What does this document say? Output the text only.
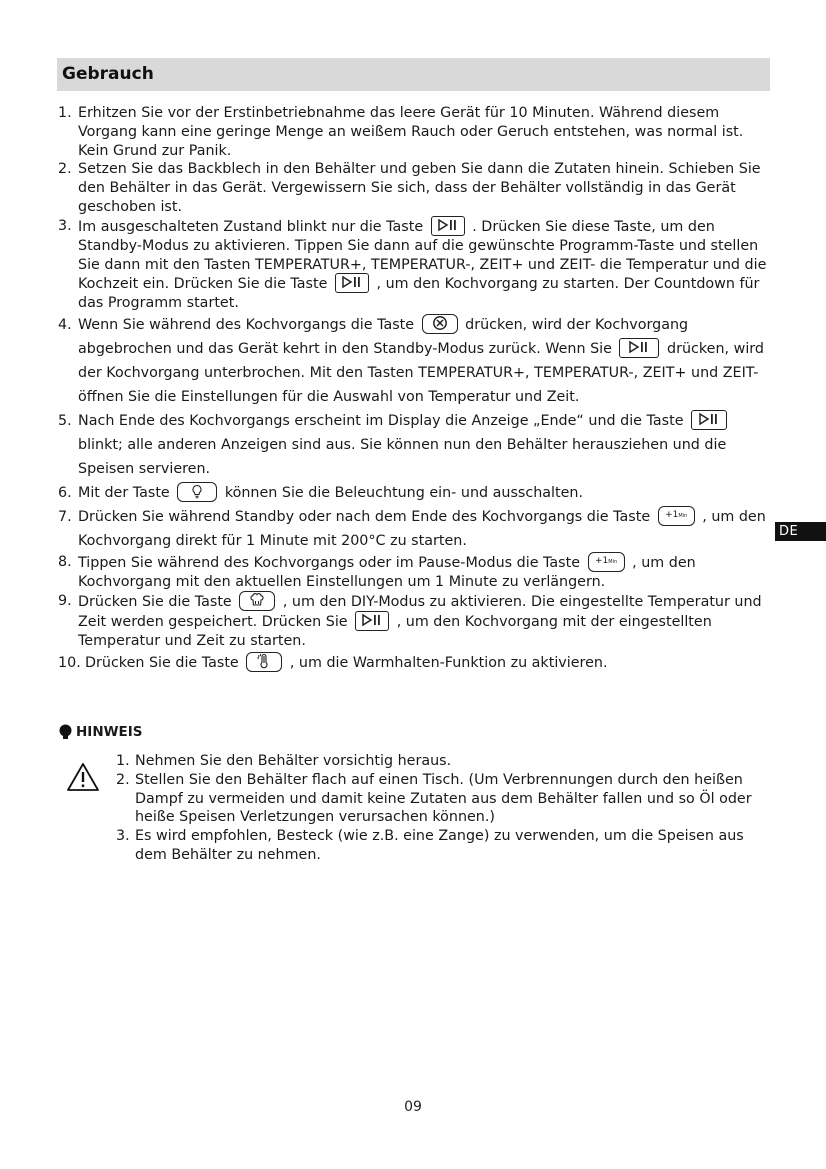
Gebrauch
1. Erhitzen Sie vor der Erstinbetriebnahme das leere Gerät für 10 Minuten. Während diesem Vorgang kann eine geringe Menge an weißem Rauch oder Geruch entstehen, was normal ist. Kein Grund zur Panik.
2. Setzen Sie das Backblech in den Behälter und geben Sie dann die Zutaten hinein. Schieben Sie den Behälter in das Gerät. Vergewissern Sie sich, dass der Behälter vollständig in das Gerät geschoben ist.
3. Im ausgeschalteten Zustand blinkt nur die Taste	. Drücken Sie diese Taste, um den Standby-Modus zu aktivieren. Tippen Sie dann auf die gewünschte Programm-Taste und stellen Sie dann mit den Tasten TEMPERATUR+, TEMPERATUR-, ZEIT+ und ZEIT- die Temperatur und die Kochzeit ein. Drücken Sie die Taste	, um den Kochvorgang zu starten. Der Countdown für das Programm startet.
4. Wenn Sie während des Kochvorgangs die Taste	drücken, wird der Kochvorgang abgebrochen und das Gerät kehrt in den Standby-Modus zurück. Wenn Sie	drücken, wird der Kochvorgang unterbrochen. Mit den Tasten TEMPERATUR+, TEMPERATUR-, ZEIT+ und ZEIT- öffnen Sie die Einstellungen für die Auswahl von Temperatur und Zeit.
5. Nach Ende des Kochvorgangs erscheint im Display die Anzeige „Ende“ und die Taste  blinkt; alle anderen Anzeigen sind aus. Sie können nun den Behälter herausziehen und die Speisen servieren.
6. Mit der Taste	können Sie die Beleuchtung ein- und ausschalten.
7. Drücken Sie während Standby oder nach dem Ende des Kochvorgangs die Taste +1Min , um den Kochvorgang direkt für 1 Minute mit 200°C zu starten.
8. Tippen Sie während des Kochvorgangs oder im Pause-Modus die Taste +1Min , um den Kochvorgang mit den aktuellen Einstellungen um 1 Minute zu verlängern.
9. Drücken Sie die Taste	, um den DIY-Modus zu aktivieren. Die eingestellte Temperatur und Zeit werden gespeichert. Drücken Sie	, um den Kochvorgang mit der eingestellten Temperatur und Zeit zu starten.
10. Drücken Sie die Taste	, um die Warmhalten-Funktion zu aktivieren.
DE
HINWEIS
1. Nehmen Sie den Behälter vorsichtig heraus.
2. Stellen Sie den Behälter flach auf einen Tisch. (Um Verbrennungen durch den heißen Dampf zu vermeiden und damit keine Zutaten aus dem Behälter fallen und so Öl oder heiße Speisen Verletzungen verursachen können.)
3. Es wird empfohlen, Besteck (wie z.B. eine Zange) zu verwenden, um die Speisen aus dem Behälter zu nehmen.
09
